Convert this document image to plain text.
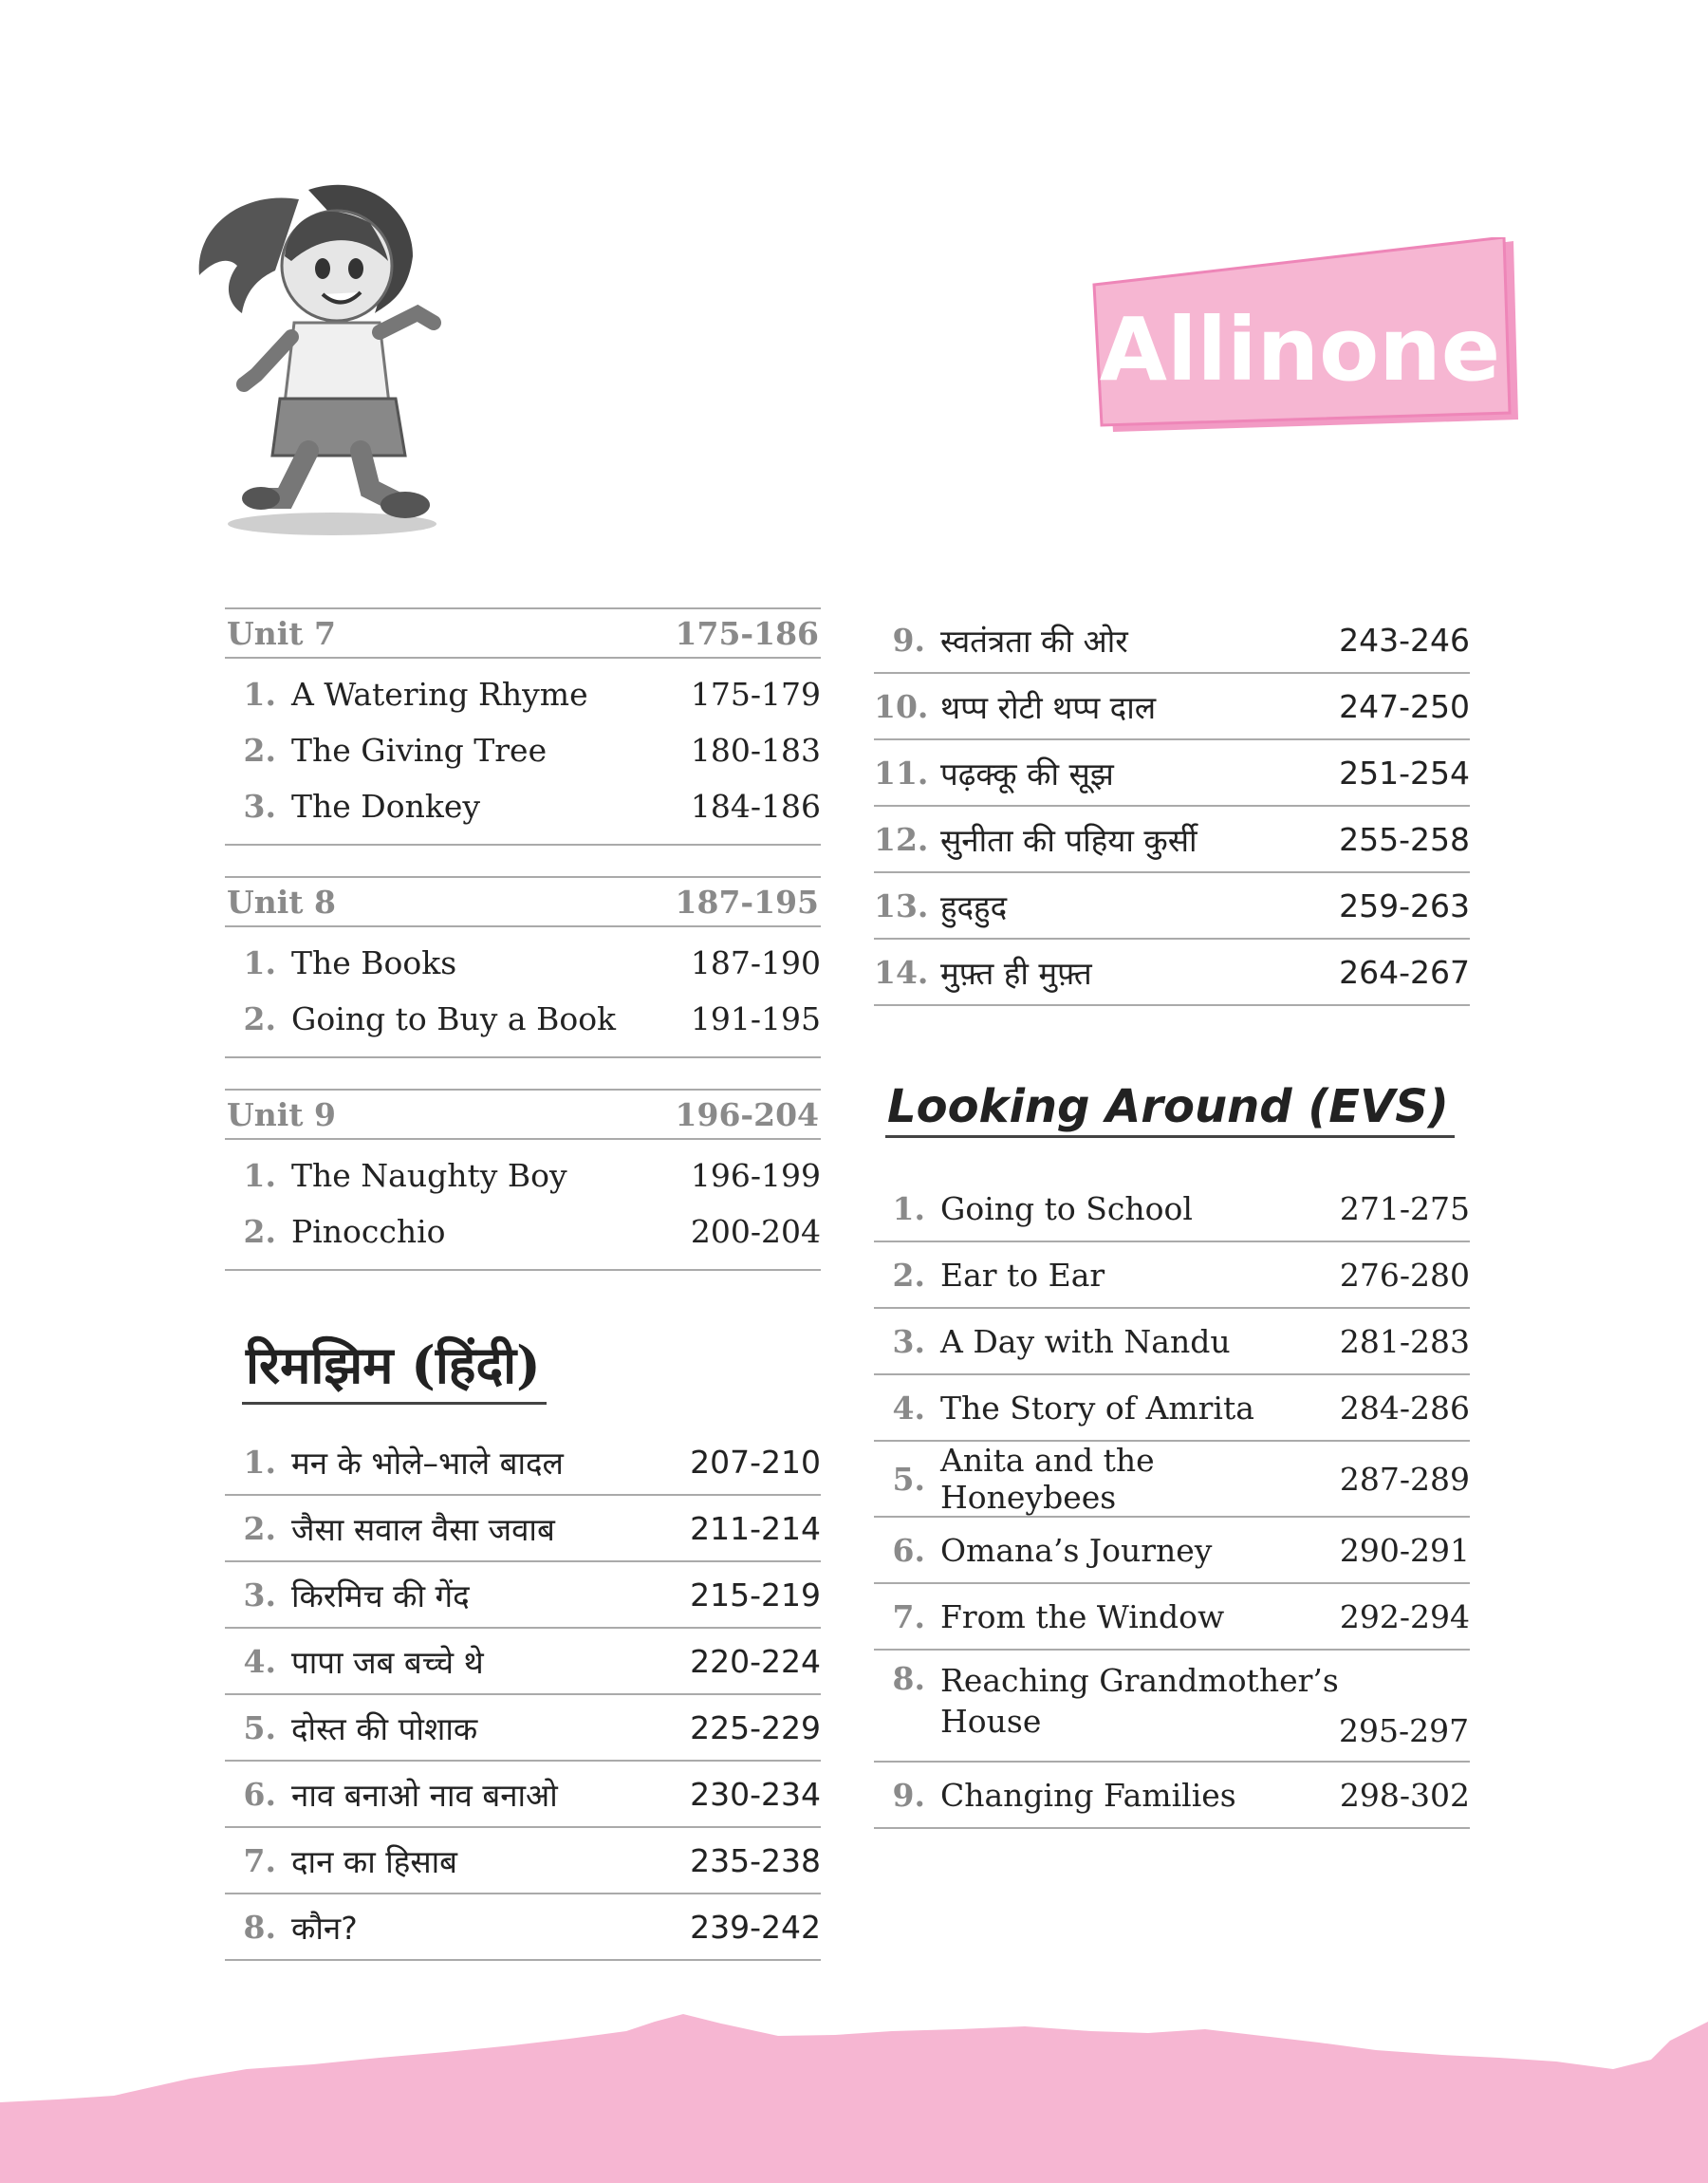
Allinone
Unit 7	175-186
1. A Watering Rhyme	175-179
2. The Giving Tree	180-183
3. The Donkey	184-186
Unit 8	187-195
1. The Books	187-190
2. Going to Buy a Book	191-195
Unit 9	196-204
1. The Naughty Boy	196-199
2. Pinocchio	200-204
रिमझिम (हिंदी)
1. मन के भोले–भाले बादल	207-210
2. जैसा सवाल वैसा जवाब	211-214
3. किरमिच की गेंद	215-219
4. पापा जब बच्चे थे	220-224
5. दोस्त की पोशाक	225-229
6. नाव बनाओ नाव बनाओ	230-234
7. दान का हिसाब	235-238
8. कौन?	239-242
9. स्वतंत्रता की ओर	243-246
10. थप्प रोटी थप्प दाल	247-250
11. पढ़क्कू की सूझ	251-254
12. सुनीता की पहिया कुर्सी	255-258
13. हुदहुद	259-263
14. मुफ़्त ही मुफ़्त	264-267
Looking Around (EVS)
1. Going to School	271-275
2. Ear to Ear	276-280
3. A Day with Nandu	281-283
4. The Story of Amrita	284-286
5. Anita and the Honeybees	287-289
6. Omana’s Journey	290-291
7. From the Window	292-294
8. Reaching Grandmother’s House	295-297
9. Changing Families	298-302
